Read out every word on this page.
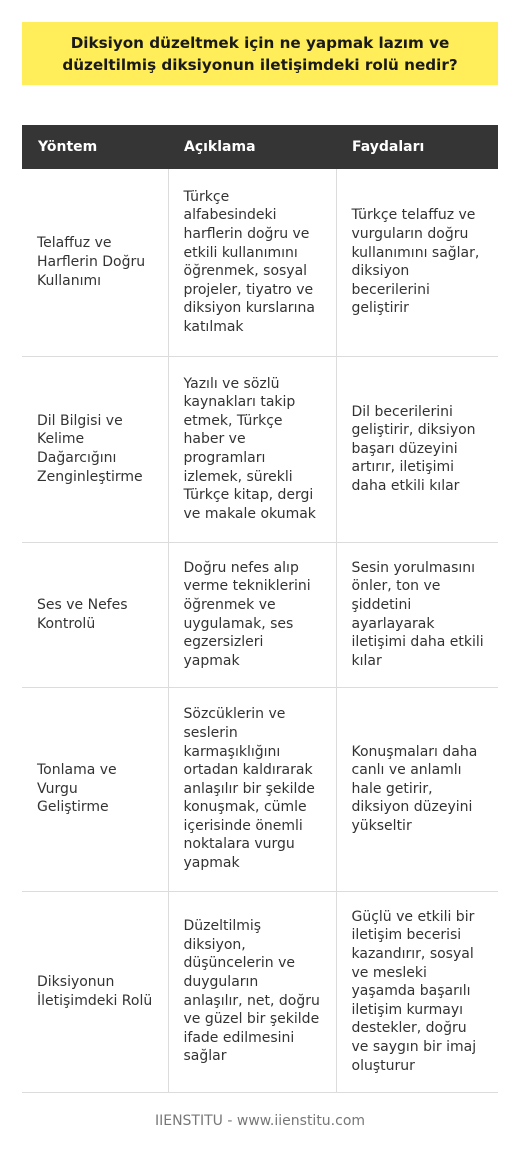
Diksiyon düzeltmek için ne yapmak lazım ve düzeltilmiş diksiyonun iletişimdeki rolü nedir?
Yöntem	Açıklama	Faydaları
Telaffuz ve Harflerin Doğru Kullanımı	Türkçe alfabesindeki harflerin doğru ve etkili kullanımını öğrenmek, sosyal projeler, tiyatro ve diksiyon kurslarına katılmak	Türkçe telaffuz ve vurguların doğru kullanımını sağlar, diksiyon becerilerini geliştirir
Dil Bilgisi ve Kelime Dağarcığını Zenginleştirme	Yazılı ve sözlü kaynakları takip etmek, Türkçe haber ve programları izlemek, sürekli Türkçe kitap, dergi ve makale okumak	Dil becerilerini geliştirir, diksiyon başarı düzeyini artırır, iletişimi daha etkili kılar
Ses ve Nefes Kontrolü	Doğru nefes alıp verme tekniklerini öğrenmek ve uygulamak, ses egzersizleri yapmak	Sesin yorulmasını önler, ton ve şiddetini ayarlayarak iletişimi daha etkili kılar
Tonlama ve Vurgu Geliştirme	Sözcüklerin ve seslerin karmaşıklığını ortadan kaldırarak anlaşılır bir şekilde konuşmak, cümle içerisinde önemli noktalara vurgu yapmak	Konuşmaları daha canlı ve anlamlı hale getirir, diksiyon düzeyini yükseltir
Diksiyonun İletişimdeki Rolü	Düzeltilmiş diksiyon, düşüncelerin ve duyguların anlaşılır, net, doğru ve güzel bir şekilde ifade edilmesini sağlar	Güçlü ve etkili bir iletişim becerisi kazandırır, sosyal ve mesleki yaşamda başarılı iletişim kurmayı destekler, doğru ve saygın bir imaj oluşturur
IIENSTITU - www.iienstitu.com
